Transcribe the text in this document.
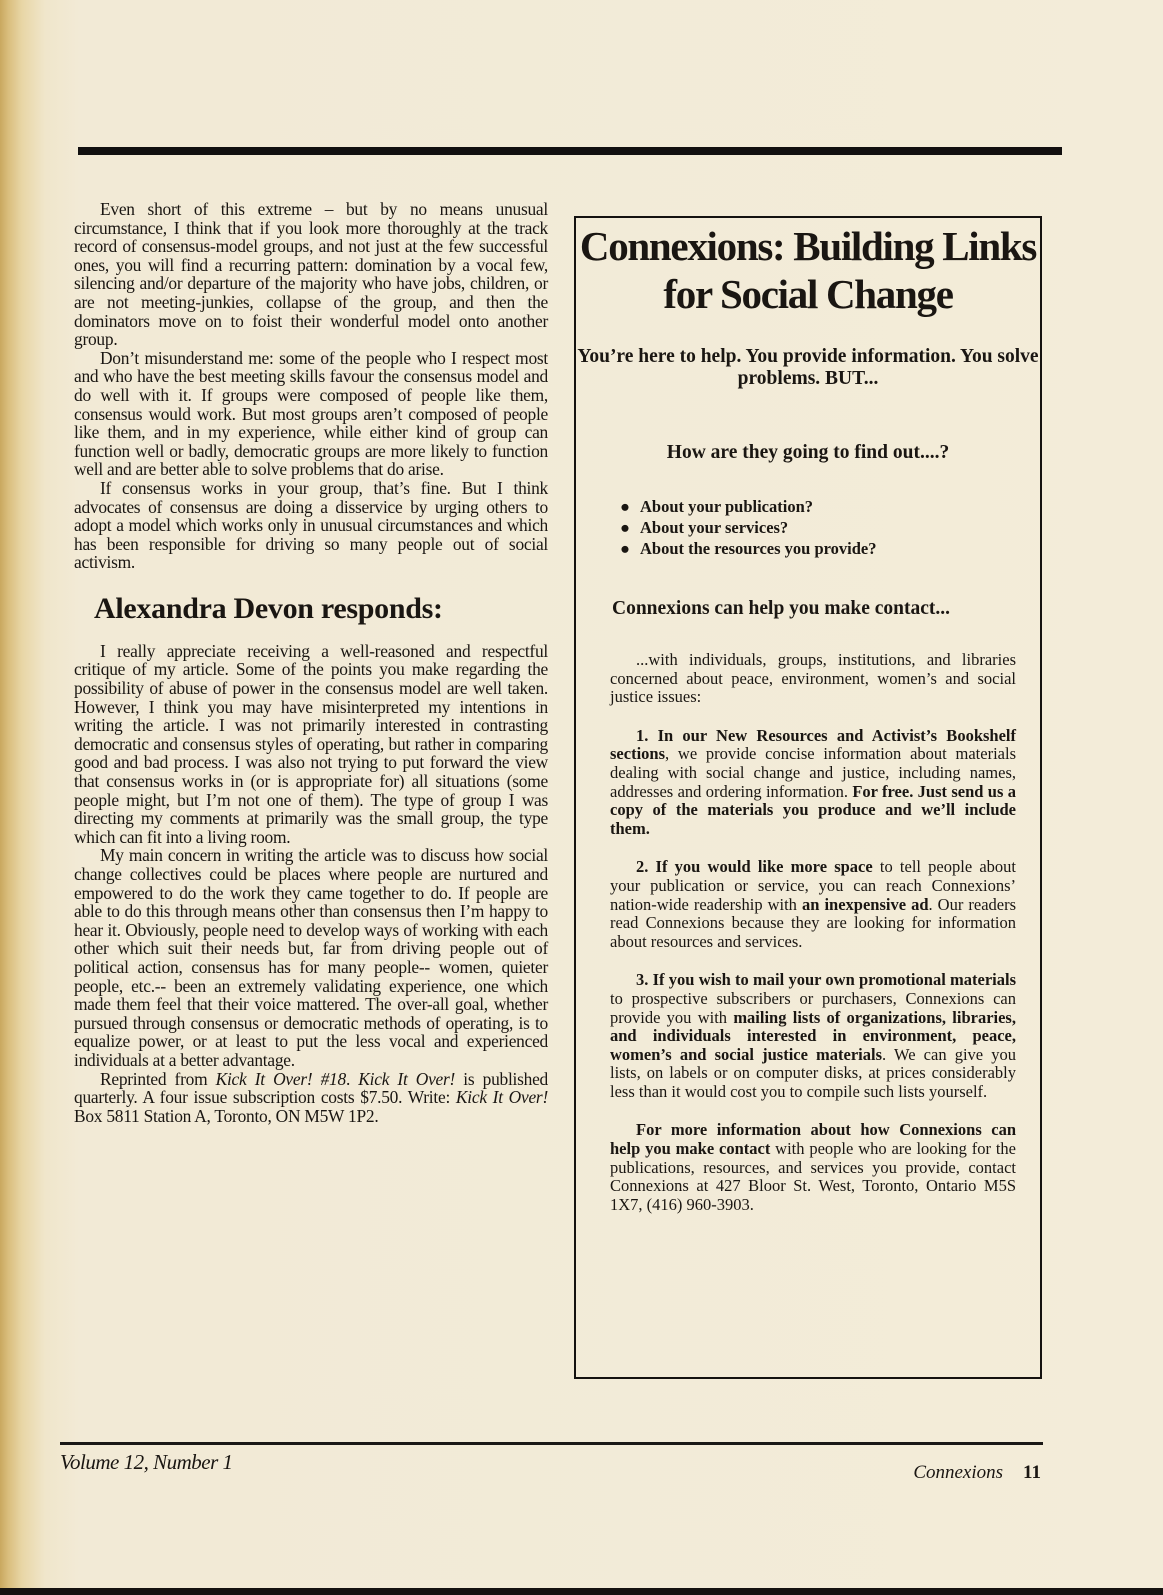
Even short of this extreme – but by no means unusual circumstance, I think that if you look more thoroughly at the track record of consensus-model groups, and not just at the few successful ones, you will find a recurring pattern: domination by a vocal few, silencing and/or departure of the majority who have jobs, children, or are not meeting-junkies, collapse of the group, and then the dominators move on to foist their wonderful model onto another group.

Don’t misunderstand me: some of the people who I respect most and who have the best meeting skills favour the consensus model and do well with it. If groups were composed of people like them, consensus would work. But most groups aren’t composed of people like them, and in my experience, while either kind of group can function well or badly, democratic groups are more likely to function well and are better able to solve problems that do arise.

If consensus works in your group, that’s fine. But I think advocates of consensus are doing a disservice by urging others to adopt a model which works only in unusual circumstances and which has been responsible for driving so many people out of social activism.

Alexandra Devon responds:

I really appreciate receiving a well-reasoned and respectful critique of my article. Some of the points you make regarding the possibility of abuse of power in the consensus model are well taken. However, I think you may have misinterpreted my intentions in writing the article. I was not primarily interested in contrasting democratic and consensus styles of operating, but rather in comparing good and bad process. I was also not trying to put forward the view that consensus works in (or is appropriate for) all situations (some people might, but I’m not one of them). The type of group I was directing my comments at primarily was the small group, the type which can fit into a living room.

My main concern in writing the article was to discuss how social change collectives could be places where people are nurtured and empowered to do the work they came together to do. If people are able to do this through means other than consensus then I’m happy to hear it. Obviously, people need to develop ways of working with each other which suit their needs but, far from driving people out of political action, consensus has for many people-- women, quieter people, etc.-- been an extremely validating experience, one which made them feel that their voice mattered. The over-all goal, whether pursued through consensus or democratic methods of operating, is to equalize power, or at least to put the less vocal and experienced individuals at a better advantage.

Reprinted from Kick It Over! #18. Kick It Over! is published quarterly. A four issue subscription costs $7.50. Write: Kick It Over! Box 5811 Station A, Toronto, ON M5W 1P2.

Connexions: Building Links for Social Change

You’re here to help. You provide information. You solve problems. BUT...

How are they going to find out....?

● About your publication?
● About your services?
● About the resources you provide?

Connexions can help you make contact...

...with individuals, groups, institutions, and libraries concerned about peace, environment, women’s and social justice issues:

1. In our New Resources and Activist’s Bookshelf sections, we provide concise information about materials dealing with social change and justice, including names, addresses and ordering information. For free. Just send us a copy of the materials you produce and we’ll include them.

2. If you would like more space to tell people about your publication or service, you can reach Connexions’ nation-wide readership with an inexpensive ad. Our readers read Connexions because they are looking for information about resources and services.

3. If you wish to mail your own promotional materials to prospective subscribers or purchasers, Connexions can provide you with mailing lists of organizations, libraries, and individuals interested in environment, peace, women’s and social justice materials. We can give you lists, on labels or on computer disks, at prices considerably less than it would cost you to compile such lists yourself.

For more information about how Connexions can help you make contact with people who are looking for the publications, resources, and services you provide, contact Connexions at 427 Bloor St. West, Toronto, Ontario M5S 1X7, (416) 960-3903.

Volume 12, Number 1	Connexions 11
